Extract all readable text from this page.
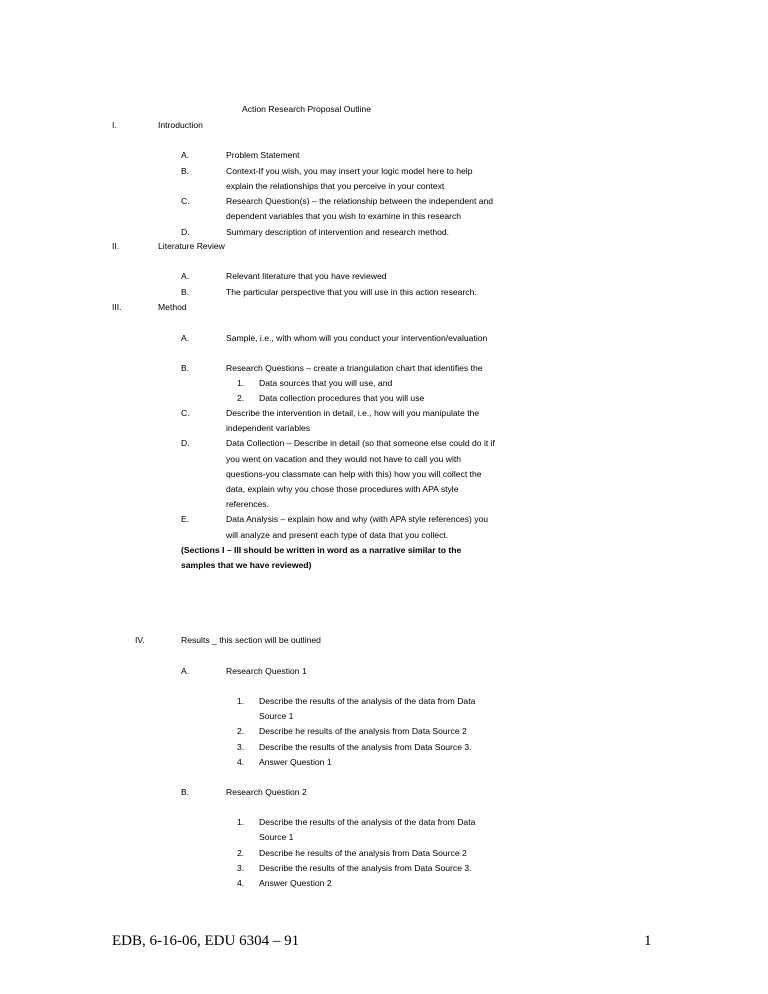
Action Research Proposal Outline
I.	Introduction
A.	Problem Statement
B.	Context-If you wish, you may insert your logic model here to help
explain the relationships that you perceive in your context
C.	Research Question(s) – the relationship between the independent and
dependent variables that you wish to examine in this research
D.	Summary description of intervention and research method.
II.	Literature Review
A.	Relevant literature that you have reviewed
B.	The particular perspective that you will use in this action research.
III.	Method
A.	Sample, i.e., with whom will you conduct your intervention/evaluation
B.	Research Questions – create a triangulation chart that identifies the
1. Data sources that you will use, and
2. Data collection procedures that you will use
C.	Describe the intervention in detail, i.e., how will you manipulate the
independent variables
D.	Data Collection – Describe in detail (so that someone else could do it if
you went on vacation and they would not have to call you with
questions-you classmate can help with this) how you will collect the
data, explain why you chose those procedures with APA style
references.
E.	Data Analysis – explain how and why (with APA style references) you
will analyze and present each type of data that you collect.
(Sections I – III should be written in word as a narrative similar to the
samples that we have reviewed)
IV.	Results _ this section will be outlined
A.	Research Question 1
1. Describe the results of the analysis of the data from Data
Source 1
2. Describe he results of the analysis from Data Source 2
3. Describe the results of the analysis from Data Source 3.
4. Answer Question 1
B.	Research Question 2
1. Describe the results of the analysis of the data from Data
Source 1
2. Describe he results of the analysis from Data Source 2
3. Describe the results of the analysis from Data Source 3.
4. Answer Question 2
EDB, 6-16-06, EDU 6304 – 91	1
